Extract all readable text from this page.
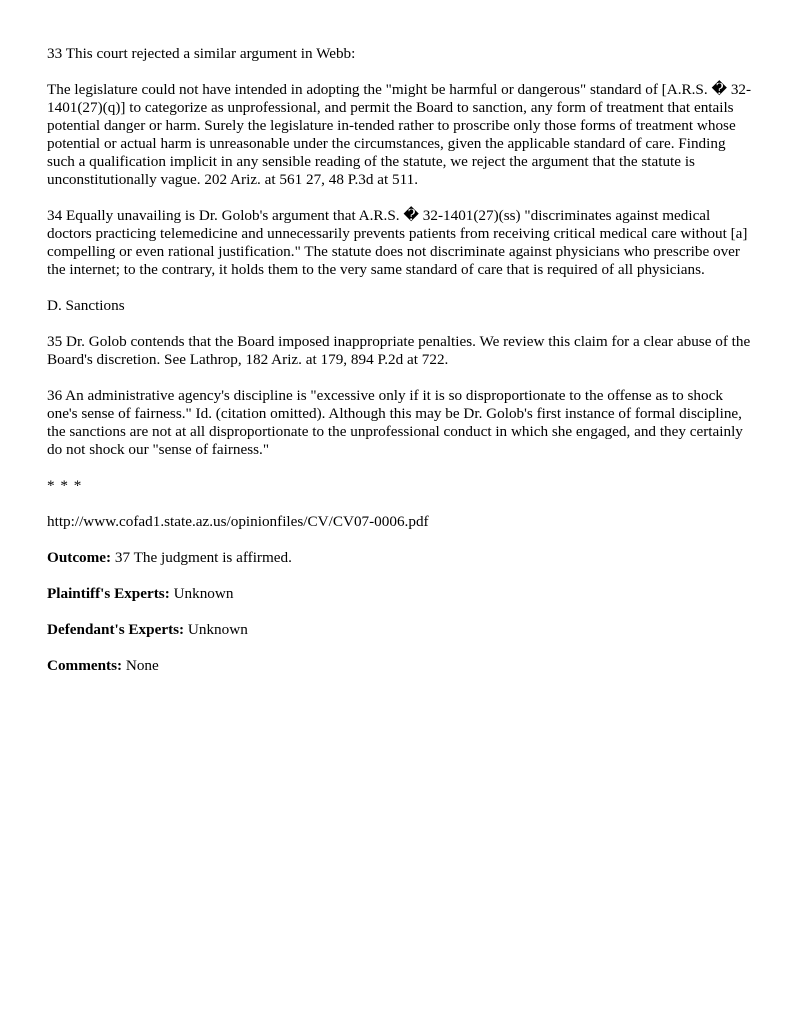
33 This court rejected a similar argument in Webb:

The legislature could not have intended in adopting the "might be harmful or dangerous" standard of [A.R.S. � 32-1401(27)(q)] to categorize as unprofessional, and permit the Board to sanction, any form of treatment that entails potential danger or harm. Surely the legislature in-tended rather to proscribe only those forms of treatment whose potential or actual harm is unreasonable under the circumstances, given the applicable standard of care. Finding such a qualification implicit in any sensible reading of the statute, we reject the argument that the statute is unconstitutionally vague. 202 Ariz. at 561 27, 48 P.3d at 511.

34 Equally unavailing is Dr. Golob's argument that A.R.S. � 32-1401(27)(ss) "discriminates against medical doctors practicing telemedicine and unnecessarily prevents patients from receiving critical medical care without [a] compelling or even rational justification." The statute does not discriminate against physicians who prescribe over the internet; to the contrary, it holds them to the very same standard of care that is required of all physicians.

D. Sanctions

35 Dr. Golob contends that the Board imposed inappropriate penalties. We review this claim for a clear abuse of the Board's discretion. See Lathrop, 182 Ariz. at 179, 894 P.2d at 722.

36 An administrative agency's discipline is "excessive only if it is so disproportionate to the offense as to shock one's sense of fairness." Id. (citation omitted). Although this may be Dr. Golob's first instance of formal discipline, the sanctions are not at all disproportionate to the unprofessional conduct in which she engaged, and they certainly do not shock our "sense of fairness."

* * *

http://www.cofad1.state.az.us/opinionfiles/CV/CV07-0006.pdf

Outcome: 37 The judgment is affirmed.

Plaintiff's Experts: Unknown

Defendant's Experts: Unknown

Comments: None
